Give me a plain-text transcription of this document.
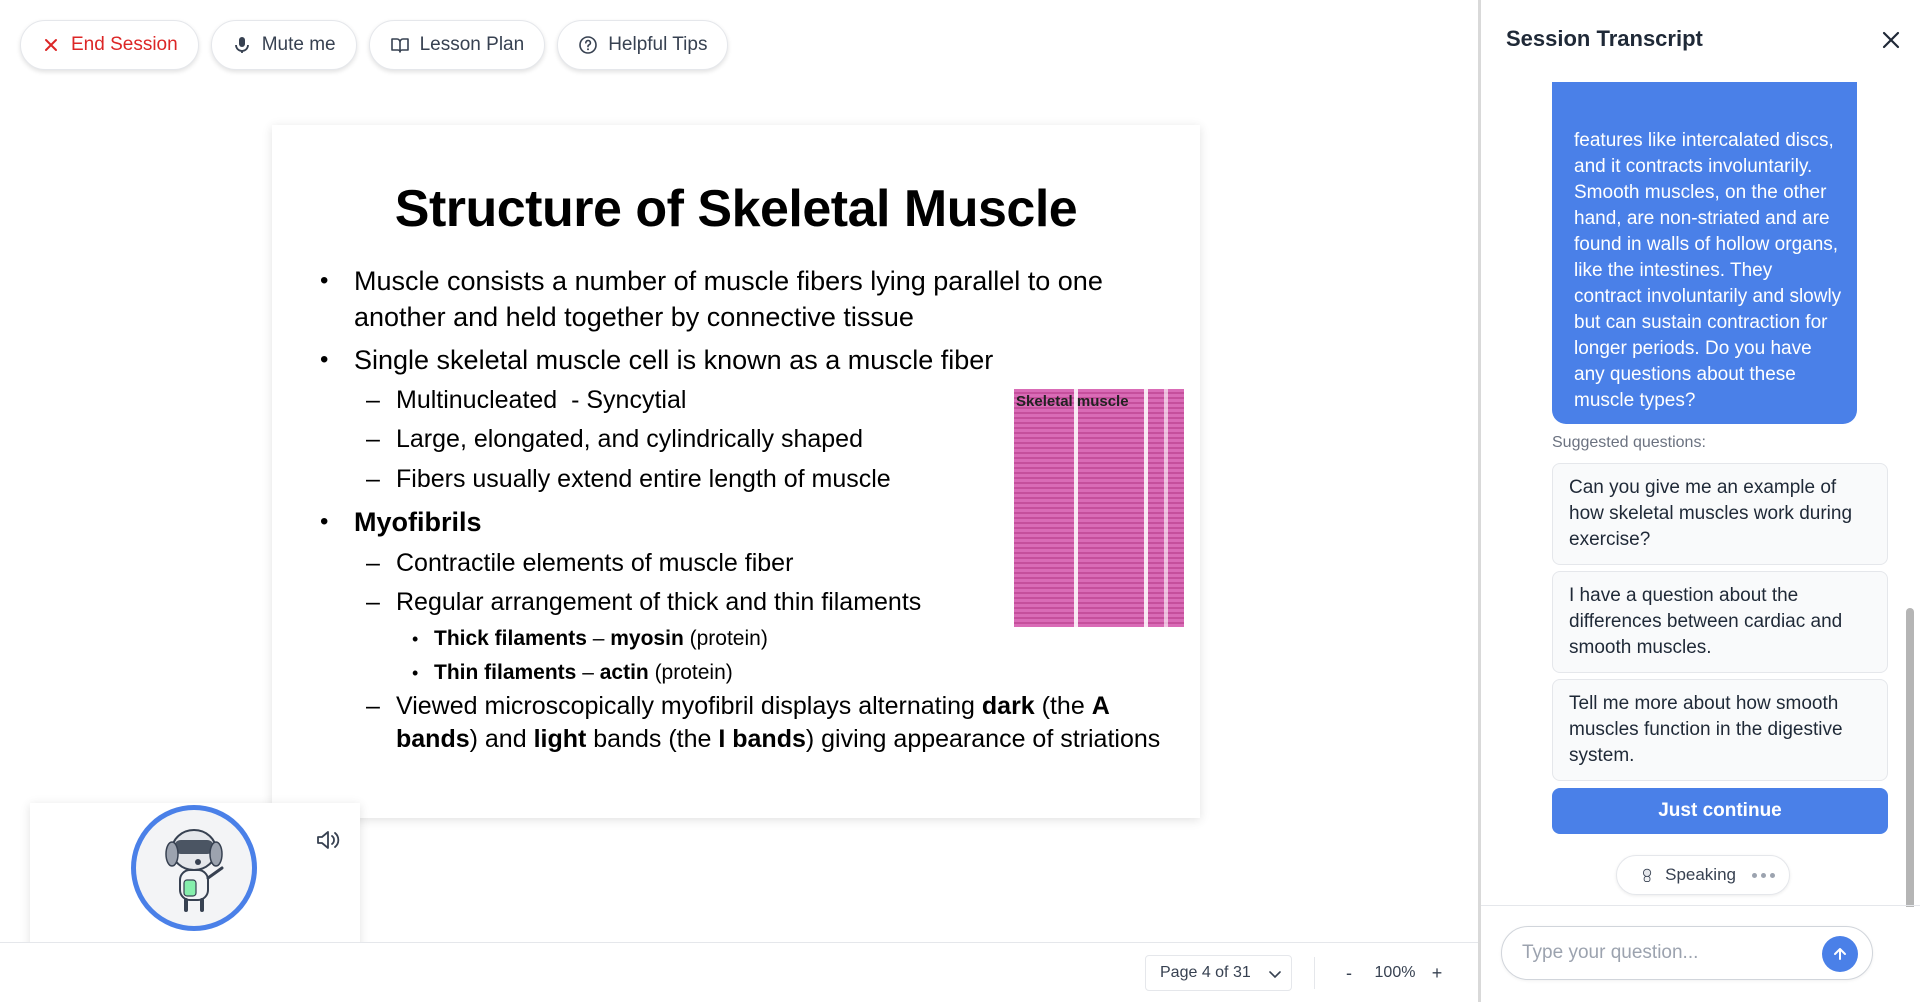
End Session	Mute me	Lesson Plan	Helpful Tips
Structure of Skeletal Muscle
• Muscle consists a number of muscle fibers lying parallel to one
another and held together by connective tissue
• Single skeletal muscle cell is known as a muscle fiber
– Multinucleated  - Syncytial
– Large, elongated, and cylindrically shaped
– Fibers usually extend entire length of muscle
• Myofibrils
– Contractile elements of muscle fiber
– Regular arrangement of thick and thin filaments
• Thick filaments – myosin (protein)
• Thin filaments – actin (protein)
– Viewed microscopically myofibril displays alternating dark (the A
bands) and light bands (the I bands) giving appearance of striations
Skeletal muscle
Page 4 of 31	-	100% +
Session Transcript
features like intercalated discs, and it contracts involuntarily. Smooth muscles, on the other hand, are non-striated and are found in walls of hollow organs, like the intestines. They contract involuntarily and slowly but can sustain contraction for longer periods. Do you have any questions about these muscle types?
Suggested questions:
Can you give me an example of how skeletal muscles work during exercise?
I have a question about the differences between cardiac and smooth muscles.
Tell me more about how smooth muscles function in the digestive system.
Just continue
Speaking
Type your question...
